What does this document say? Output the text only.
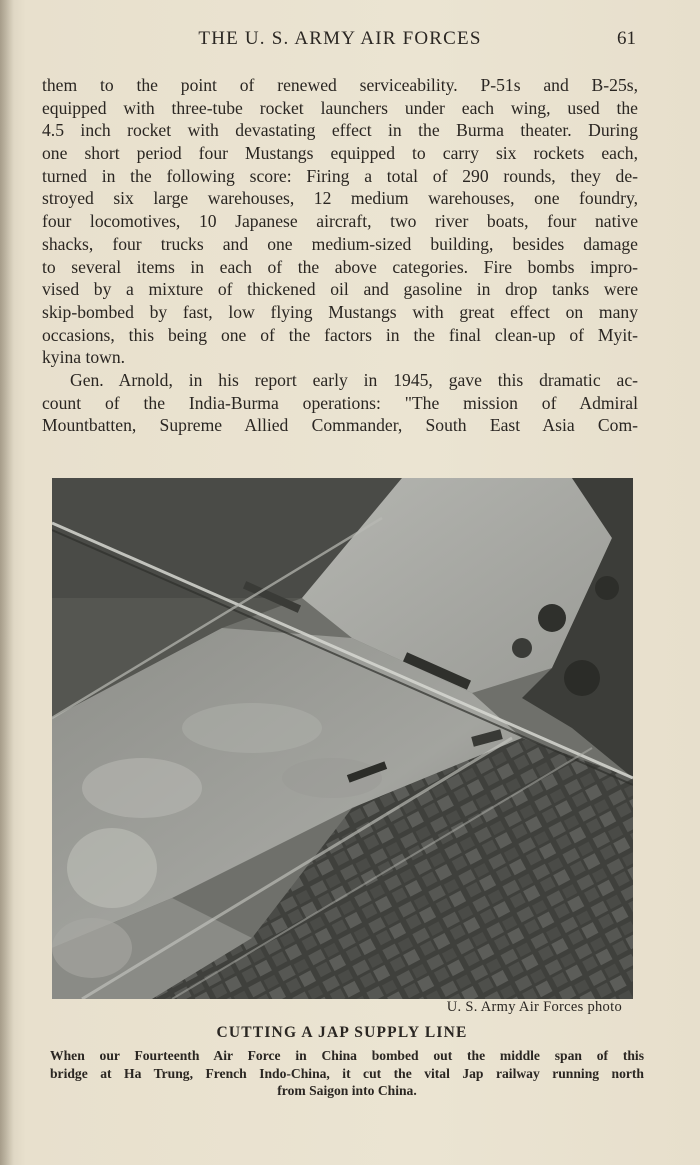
THE U. S. ARMY AIR FORCES	61
them to the point of renewed serviceability. P-51s and B-25s,
equipped with three-tube rocket launchers under each wing, used the
4.5 inch rocket with devastating effect in the Burma theater. During
one short period four Mustangs equipped to carry six rockets each,
turned in the following score: Firing a total of 290 rounds, they de-
stroyed six large warehouses, 12 medium warehouses, one foundry,
four locomotives, 10 Japanese aircraft, two river boats, four native
shacks, four trucks and one medium-sized building, besides damage
to several items in each of the above categories. Fire bombs impro-
vised by a mixture of thickened oil and gasoline in drop tanks were
skip-bombed by fast, low flying Mustangs with great effect on many
occasions, this being one of the factors in the final clean-up of Myit-
kyina town.
Gen. Arnold, in his report early in 1945, gave this dramatic ac-
count of the India-Burma operations: "The mission of Admiral
Mountbatten, Supreme Allied Commander, South East Asia Com-
U. S. Army Air Forces photo
CUTTING A JAP SUPPLY LINE
When our Fourteenth Air Force in China bombed out the middle span of this
bridge at Ha Trung, French Indo-China, it cut the vital Jap railway running north
from Saigon into China.
